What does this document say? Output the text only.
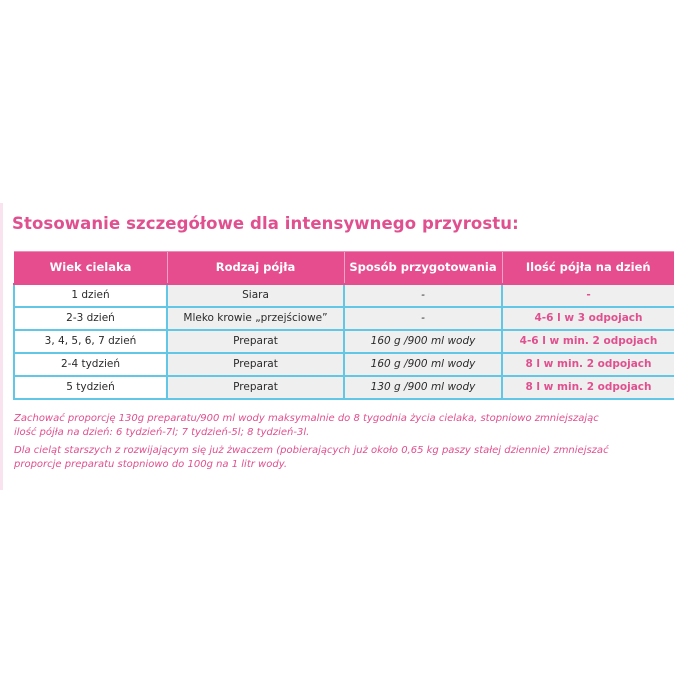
Stosowanie szczegółowe dla intensywnego przyrostu:
Wiek cielaka	Rodzaj pójła	Sposób przygotowania	Ilość pójła na dzień
1 dzień	Siara	-	-
2-3 dzień	Mleko krowie „przejściowe”	-	4-6 l w 3 odpojach
3, 4, 5, 6, 7 dzień	Preparat	160 g /900 ml wody	4-6 l w min. 2 odpojach
2-4 tydzień	Preparat	160 g /900 ml wody	8 l w min. 2 odpojach
5 tydzień	Preparat	130 g /900 ml wody	8 l w min. 2 odpojach

Zachować proporcję 130g preparatu/900 ml wody maksymalnie do 8 tygodnia życia cielaka, stopniowo zmniejszając
ilość pójła na dzień: 6 tydzień-7l; 7 tydzień-5l; 8 tydzień-3l.

Dla cieląt starszych z rozwijającym się już żwaczem (pobierających już około 0,65 kg paszy stałej dziennie) zmniejszać
proporcje preparatu stopniowo do 100g na 1 litr wody.
